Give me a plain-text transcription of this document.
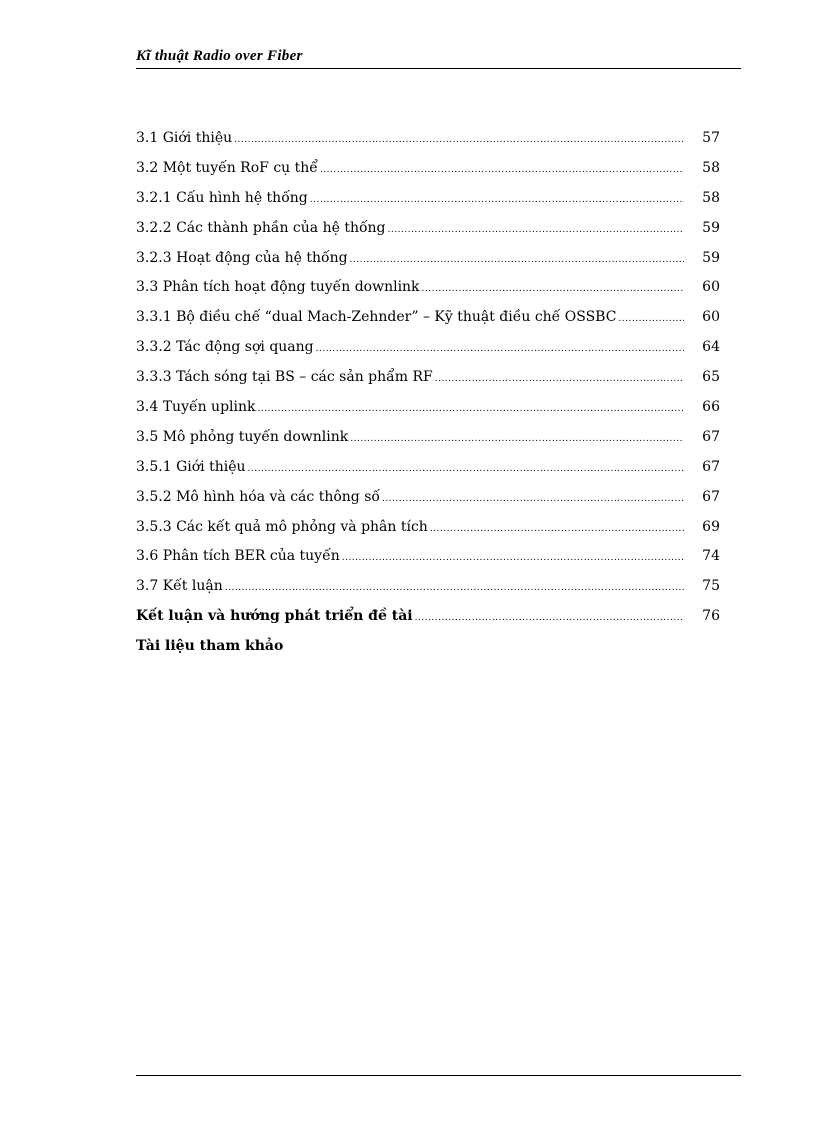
Kĩ thuật Radio over Fiber
3.1 Giới thiệu .....	57
3.2 Một tuyến RoF cụ thể .....	58
3.2.1 Cấu hình hệ thống .....	58
3.2.2 Các thành phần của hệ thống .....	59
3.2.3 Hoạt động của hệ thống .....	59
3.3 Phân tích hoạt động tuyến downlink .....	60
3.3.1 Bộ điều chế “dual Mach-Zehnder” – Kỹ thuật điều chế OSSBC .....	60
3.3.2 Tác động sợi quang .....	64
3.3.3 Tách sóng tại BS – các sản phẩm RF .....	65
3.4 Tuyến uplink .....	66
3.5 Mô phỏng tuyến downlink .....	67
3.5.1 Giới thiệu .....	67
3.5.2 Mô hình hóa và các thông số .....	67
3.5.3 Các kết quả mô phỏng và phân tích .....	69
3.6 Phân tích BER của tuyến .....	74
3.7 Kết luận .....	75
Kết luận và hướng phát triển đề tài .....	76
Tài liệu tham khảo
